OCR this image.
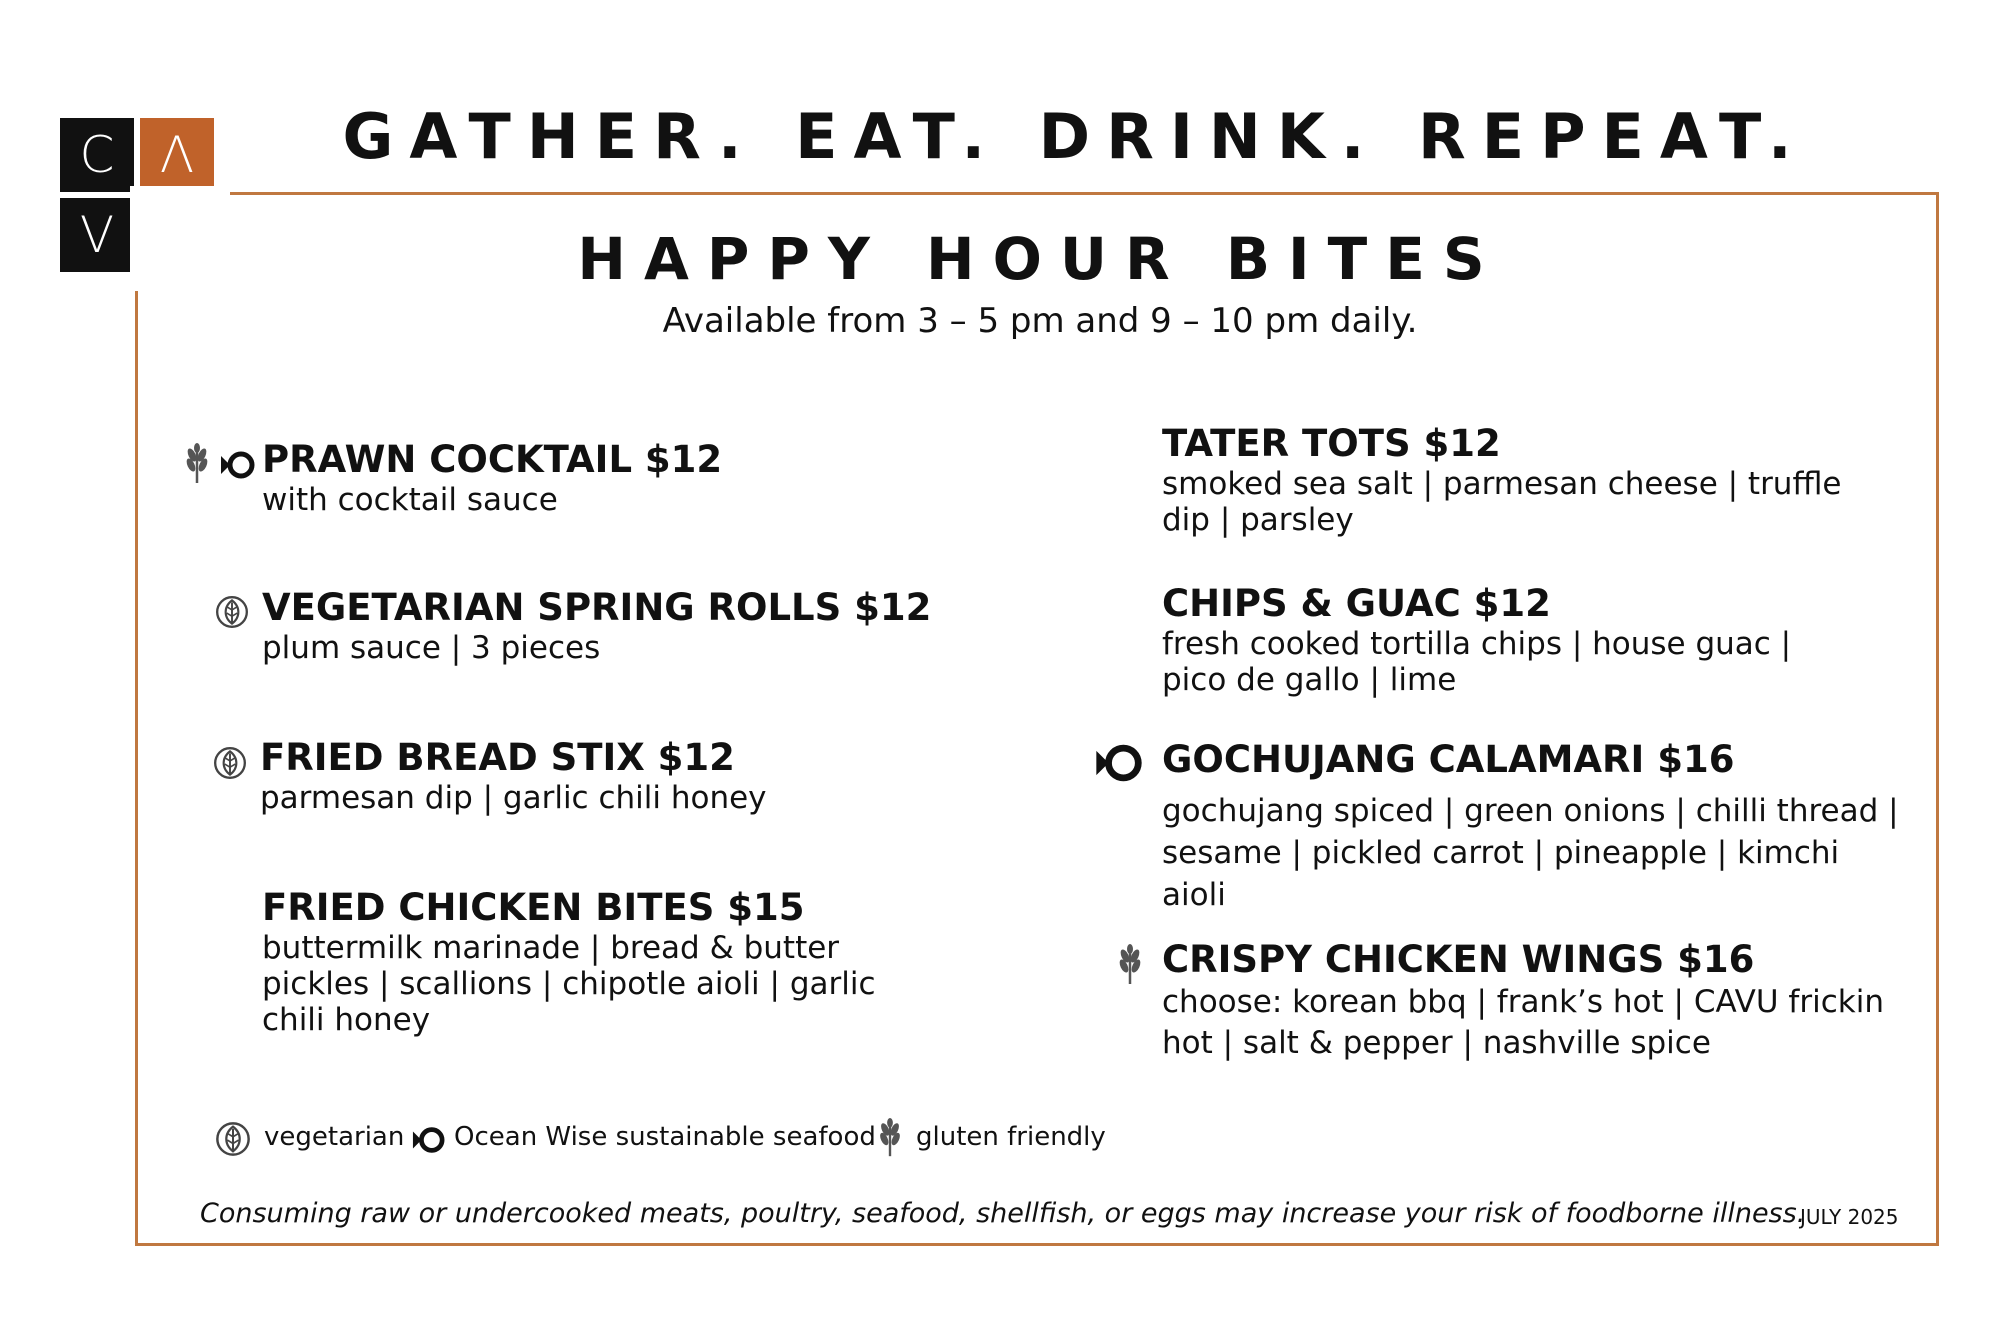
C Λ
V
GATHER. EAT. DRINK. REPEAT.
HAPPY HOUR BITES
Available from 3 – 5 pm and 9 – 10 pm daily.
PRAWN COCKTAIL $12
with cocktail sauce
VEGETARIAN SPRING ROLLS $12
plum sauce | 3 pieces
FRIED BREAD STIX $12
parmesan dip | garlic chili honey
FRIED CHICKEN BITES $15
buttermilk marinade | bread & butter pickles | scallions | chipotle aioli | garlic chili honey
TATER TOTS $12
smoked sea salt | parmesan cheese | truffle dip | parsley
CHIPS & GUAC $12
fresh cooked tortilla chips | house guac | pico de gallo | lime
GOCHUJANG CALAMARI $16
gochujang spiced | green onions | chilli thread | sesame | pickled carrot | pineapple | kimchi aioli
CRISPY CHICKEN WINGS $16
choose: korean bbq | frank’s hot | CAVU frickin hot | salt & pepper | nashville spice
vegetarian Ocean Wise sustainable seafood gluten friendly
Consuming raw or undercooked meats, poultry, seafood, shellfish, or eggs may increase your risk of foodborne illness.
JULY 2025
